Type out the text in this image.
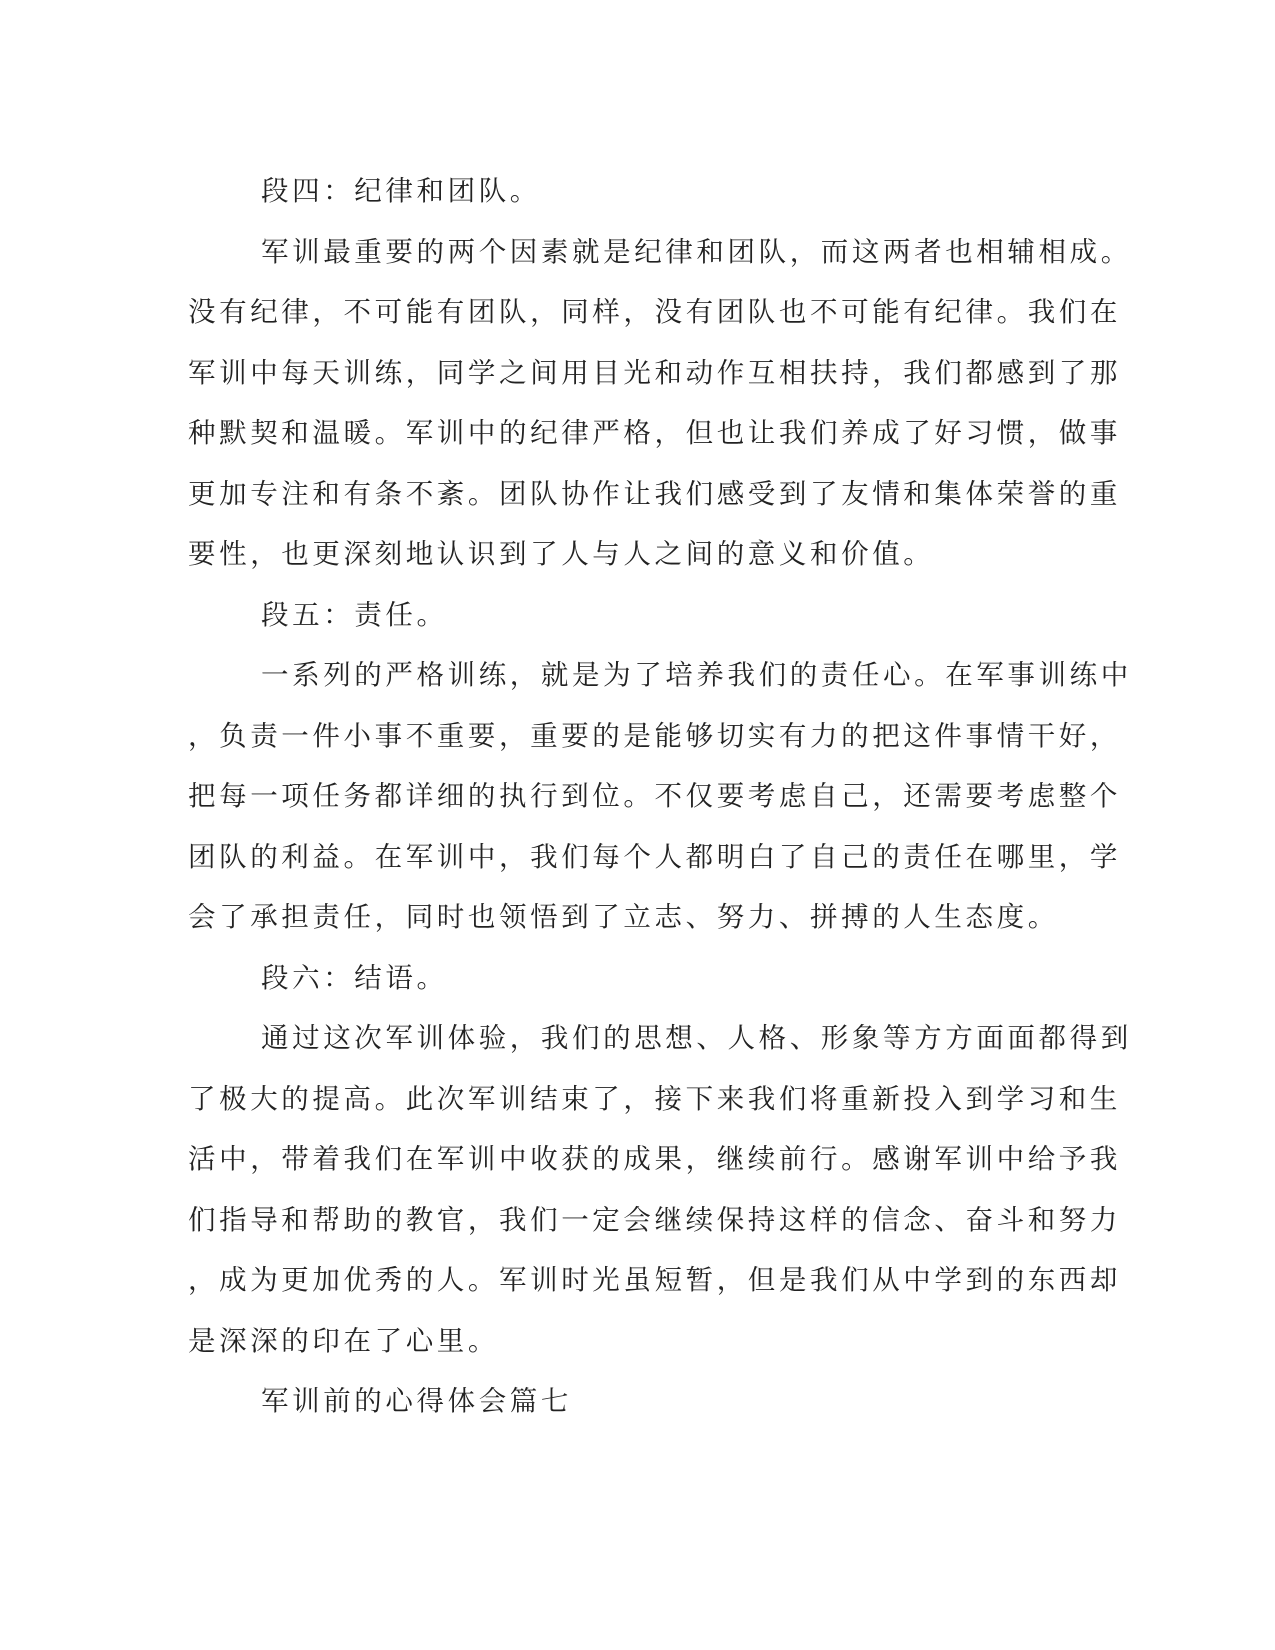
段四：纪律和团队。
军训最重要的两个因素就是纪律和团队，而这两者也相辅相成。
没有纪律，不可能有团队，同样，没有团队也不可能有纪律。我们在
军训中每天训练，同学之间用目光和动作互相扶持，我们都感到了那
种默契和温暖。军训中的纪律严格，但也让我们养成了好习惯，做事
更加专注和有条不紊。团队协作让我们感受到了友情和集体荣誉的重
要性，也更深刻地认识到了人与人之间的意义和价值。
段五：责任。
一系列的严格训练，就是为了培养我们的责任心。在军事训练中
，负责一件小事不重要，重要的是能够切实有力的把这件事情干好，
把每一项任务都详细的执行到位。不仅要考虑自己，还需要考虑整个
团队的利益。在军训中，我们每个人都明白了自己的责任在哪里，学
会了承担责任，同时也领悟到了立志、努力、拼搏的人生态度。
段六：结语。
通过这次军训体验，我们的思想、人格、形象等方方面面都得到
了极大的提高。此次军训结束了，接下来我们将重新投入到学习和生
活中，带着我们在军训中收获的成果，继续前行。感谢军训中给予我
们指导和帮助的教官，我们一定会继续保持这样的信念、奋斗和努力
，成为更加优秀的人。军训时光虽短暂，但是我们从中学到的东西却
是深深的印在了心里。
军训前的心得体会篇七
